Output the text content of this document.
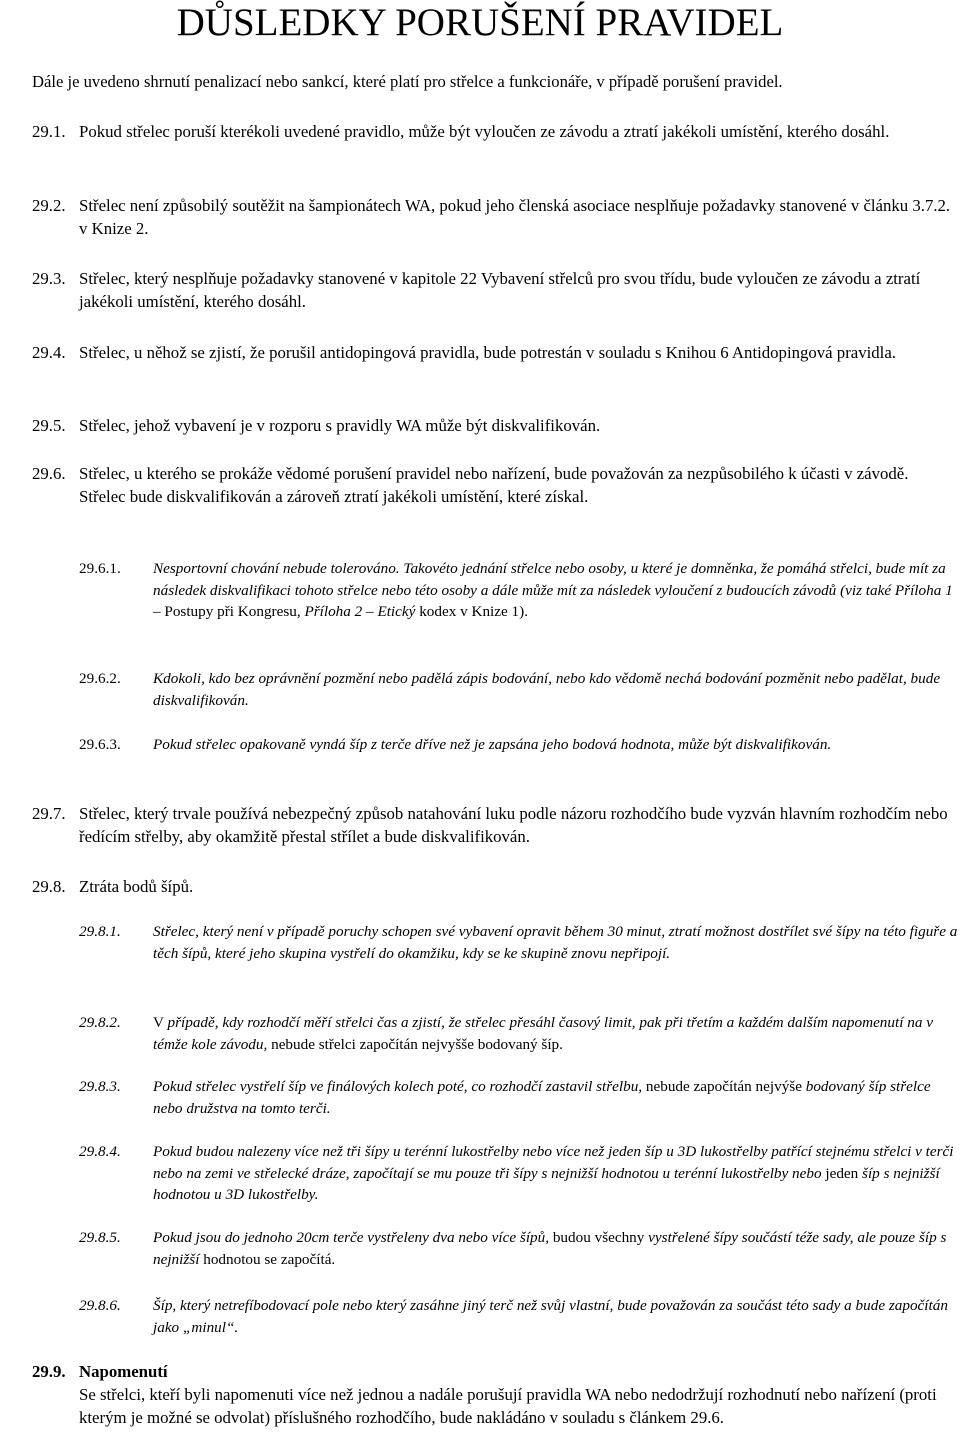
DŮSLEDKY PORUŠENÍ PRAVIDEL

Dále je uvedeno shrnutí penalizací nebo sankcí, které platí pro střelce a funkcionáře, v případě porušení pravidel.

29.1. Pokud střelec poruší kterékoli uvedené pravidlo, může být vyloučen ze závodu a ztratí jakékoli umístění, kterého dosáhl.
29.2. Střelec není způsobilý soutěžit na šampionátech WA, pokud jeho členská asociace nesplňuje požadavky stanovené v článku 3.7.2. v Knize 2.
29.3. Střelec, který nesplňuje požadavky stanovené v kapitole 22 Vybavení střelců pro svou třídu, bude vyloučen ze závodu a ztratí jakékoli umístění, kterého dosáhl.
29.4. Střelec, u něhož se zjistí, že porušil antidopingová pravidla, bude potrestán v souladu s Knihou 6 Antidopingová pravidla.
29.5. Střelec, jehož vybavení je v rozporu s pravidly WA může být diskvalifikován.
29.6. Střelec, u kterého se prokáže vědomé porušení pravidel nebo nařízení, bude považován za nezpůsobilého k účasti v závodě. Střelec bude diskvalifikován a zároveň ztratí jakékoli umístění, které získal.
29.6.1. Nesportovní chování nebude tolerováno. Takovéto jednání střelce nebo osoby, u které je domněnka, že pomáhá střelci, bude mít za následek diskvalifikaci tohoto střelce nebo této osoby a dále může mít za následek vyloučení z budoucích závodů (viz také Příloha 1 – Postupy při Kongresu, Příloha 2 – Etický kodex v Knize 1).
29.6.2. Kdokoli, kdo bez oprávnění pozmění nebo padělá zápis bodování, nebo kdo vědomě nechá bodování pozměnit nebo padělat, bude diskvalifikován.
29.6.3. Pokud střelec opakovaně vyndá šíp z terče dříve než je zapsána jeho bodová hodnota, může být diskvalifikován.
29.7. Střelec, který trvale používá nebezpečný způsob natahování luku podle názoru rozhodčího bude vyzván hlavním rozhodčím nebo ředícím střelby, aby okamžitě přestal střílet a bude diskvalifikován.
29.8. Ztráta bodů šípů.
29.8.1. Střelec, který není v případě poruchy schopen své vybavení opravit během 30 minut, ztratí možnost dostřílet své šípy na této figuře a těch šípů, které jeho skupina vystřelí do okamžiku, kdy se ke skupině znovu nepřipojí.
29.8.2. V případě, kdy rozhodčí měří střelci čas a zjistí, že střelec přesáhl časový limit, pak při třetím a každém dalším napomenutí na v témže kole závodu, nebude střelci započítán nejvyšše bodovaný šíp.
29.8.3. Pokud střelec vystřelí šíp ve finálových kolech poté, co rozhodčí zastavil střelbu, nebude započítán nejvýše bodovaný šíp střelce nebo družstva na tomto terči.
29.8.4. Pokud budou nalezeny více než tři šípy u terénní lukostřelby nebo více než jeden šíp u 3D lukostřelby patřící stejnému střelci v terči nebo na zemi ve střelecké dráze, započítají se mu pouze tři šípy s nejnižší hodnotou u terénní lukostřelby nebo jeden šíp s nejnižší hodnotou u 3D lukostřelby.
29.8.5. Pokud jsou do jednoho 20cm terče vystřeleny dva nebo více šípů, budou všechny vystřelené šípy součástí téže sady, ale pouze šíp s nejnižší hodnotou se započítá.
29.8.6. Šíp, který netrefíbodovací pole nebo který zasáhne jiný terč než svůj vlastní, bude považován za součást této sady a bude započítán jako „minul“.
29.9. Napomenutí
Se střelci, kteří byli napomenuti více než jednou a nadále porušují pravidla WA nebo nedodržují rozhodnutí nebo nařízení (proti kterým je možné se odvolat) příslušného rozhodčího, bude nakládáno v souladu s článkem 29.6.
